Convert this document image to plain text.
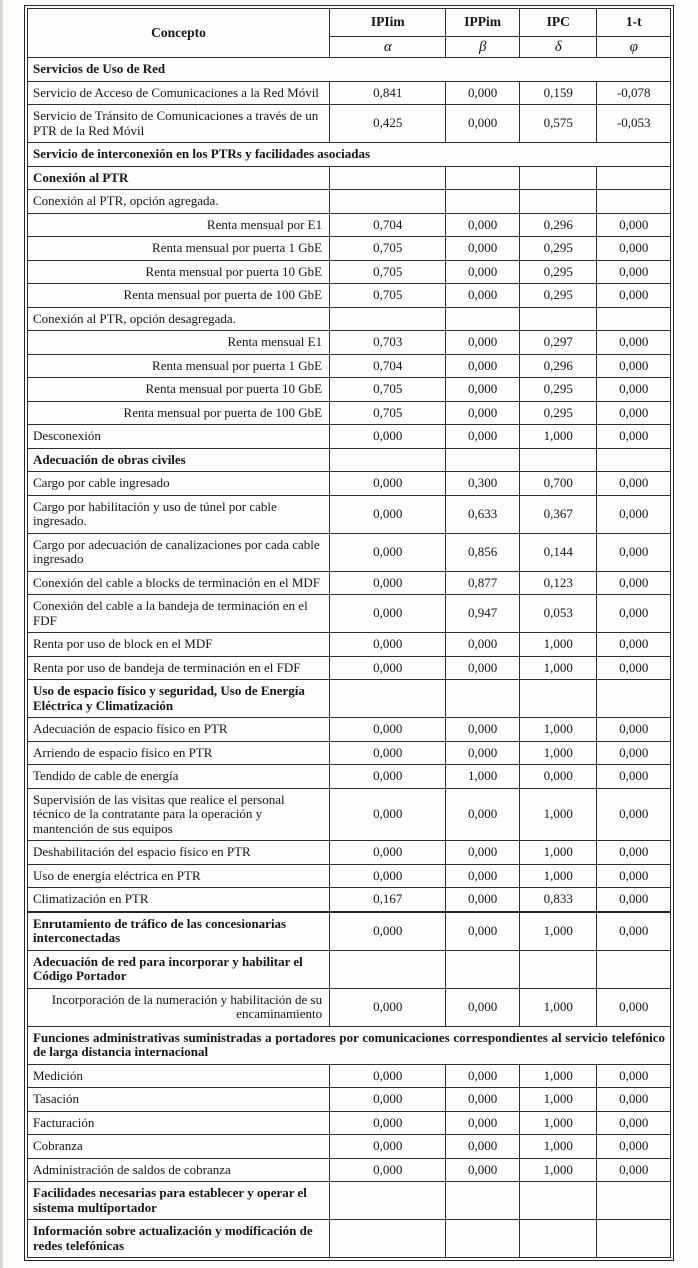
Concepto	IPIim	IPPim	IPC	1-t
	α	β	δ	φ
Servicios de Uso de Red				
Servicio de Acceso de Comunicaciones a la Red Móvil	0,841	0,000	0,159	-0,078
Servicio de Tránsito de Comunicaciones a través de un PTR de la Red Móvil	0,425	0,000	0,575	-0,053
Servicio de interconexión en los PTRs y facilidades asociadas				
Conexión al PTR				
Conexión al PTR, opción agregada.				
Renta mensual por E1	0,704	0,000	0,296	0,000
Renta mensual por puerta 1 GbE	0,705	0,000	0,295	0,000
Renta mensual por puerta 10 GbE	0,705	0,000	0,295	0,000
Renta mensual por puerta de 100 GbE	0,705	0,000	0,295	0,000
Conexión al PTR, opción desagregada.				
Renta mensual E1	0,703	0,000	0,297	0,000
Renta mensual por puerta 1 GbE	0,704	0,000	0,296	0,000
Renta mensual por puerta 10 GbE	0,705	0,000	0,295	0,000
Renta mensual por puerta de 100 GbE	0,705	0,000	0,295	0,000
Desconexión	0,000	0,000	1,000	0,000
Adecuación de obras civiles				
Cargo por cable ingresado	0,000	0,300	0,700	0,000
Cargo por habilitación y uso de túnel por cable ingresado.	0,000	0,633	0,367	0,000
Cargo por adecuación de canalizaciones por cada cable ingresado	0,000	0,856	0,144	0,000
Conexión del cable a blocks de terminación en el MDF	0,000	0,877	0,123	0,000
Conexión del cable a la bandeja de terminación en el FDF	0,000	0,947	0,053	0,000
Renta por uso de block en el MDF	0,000	0,000	1,000	0,000
Renta por uso de bandeja de terminación en el FDF	0,000	0,000	1,000	0,000
Uso de espacio físico y seguridad, Uso de Energía Eléctrica y Climatización				
Adecuación de espacio físico en PTR	0,000	0,000	1,000	0,000
Arriendo de espacio físico en PTR	0,000	0,000	1,000	0,000
Tendido de cable de energía	0,000	1,000	0,000	0,000
Supervisión de las visitas que realice el personal técnico de la contratante para la operación y mantención de sus equipos	0,000	0,000	1,000	0,000
Deshabilitación del espacio físico en PTR	0,000	0,000	1,000	0,000
Uso de energía eléctrica en PTR	0,000	0,000	1,000	0,000
Climatización en PTR	0,167	0,000	0,833	0,000
Enrutamiento de tráfico de las concesionarias interconectadas	0,000	0,000	1,000	0,000
Adecuación de red para incorporar y habilitar el Código Portador				
Incorporación de la numeración y habilitación de su encaminamiento	0,000	0,000	1,000	0,000
Funciones administrativas suministradas a portadores por comunicaciones correspondientes al servicio telefónico de larga distancia internacional				
Medición	0,000	0,000	1,000	0,000
Tasación	0,000	0,000	1,000	0,000
Facturación	0,000	0,000	1,000	0,000
Cobranza	0,000	0,000	1,000	0,000
Administración de saldos de cobranza	0,000	0,000	1,000	0,000
Facilidades necesarias para establecer y operar el sistema multiportador				
Información sobre actualización y modificación de redes telefónicas				
